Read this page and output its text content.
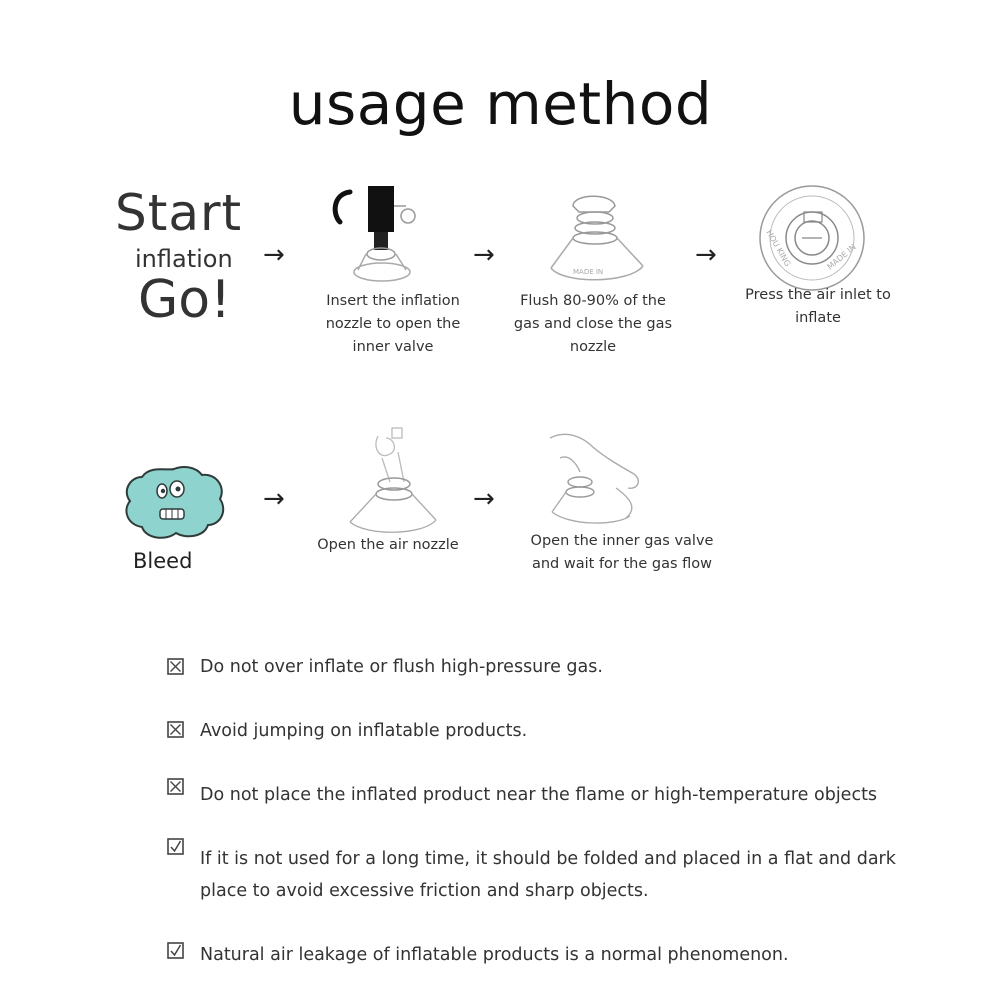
usage method
Start
inflation
Go!
→
Insert the inflation nozzle to open the inner valve
→
MADE IN
Flush 80-90% of the gas and close the gas nozzle
→	MADE IN
HOU KING
Press the air inlet to inflate
Bleed
→
Open the air nozzle
→
Open the inner gas valve and wait for the gas flow
Do not over inflate or flush high-pressure gas.
Avoid jumping on inflatable products.
Do not place the inflated product near the flame or high-temperature objects
If it is not used for a long time, it should be folded and placed in a flat and dark
place to avoid excessive friction and sharp objects.
Natural air leakage of inflatable products is a normal phenomenon.
